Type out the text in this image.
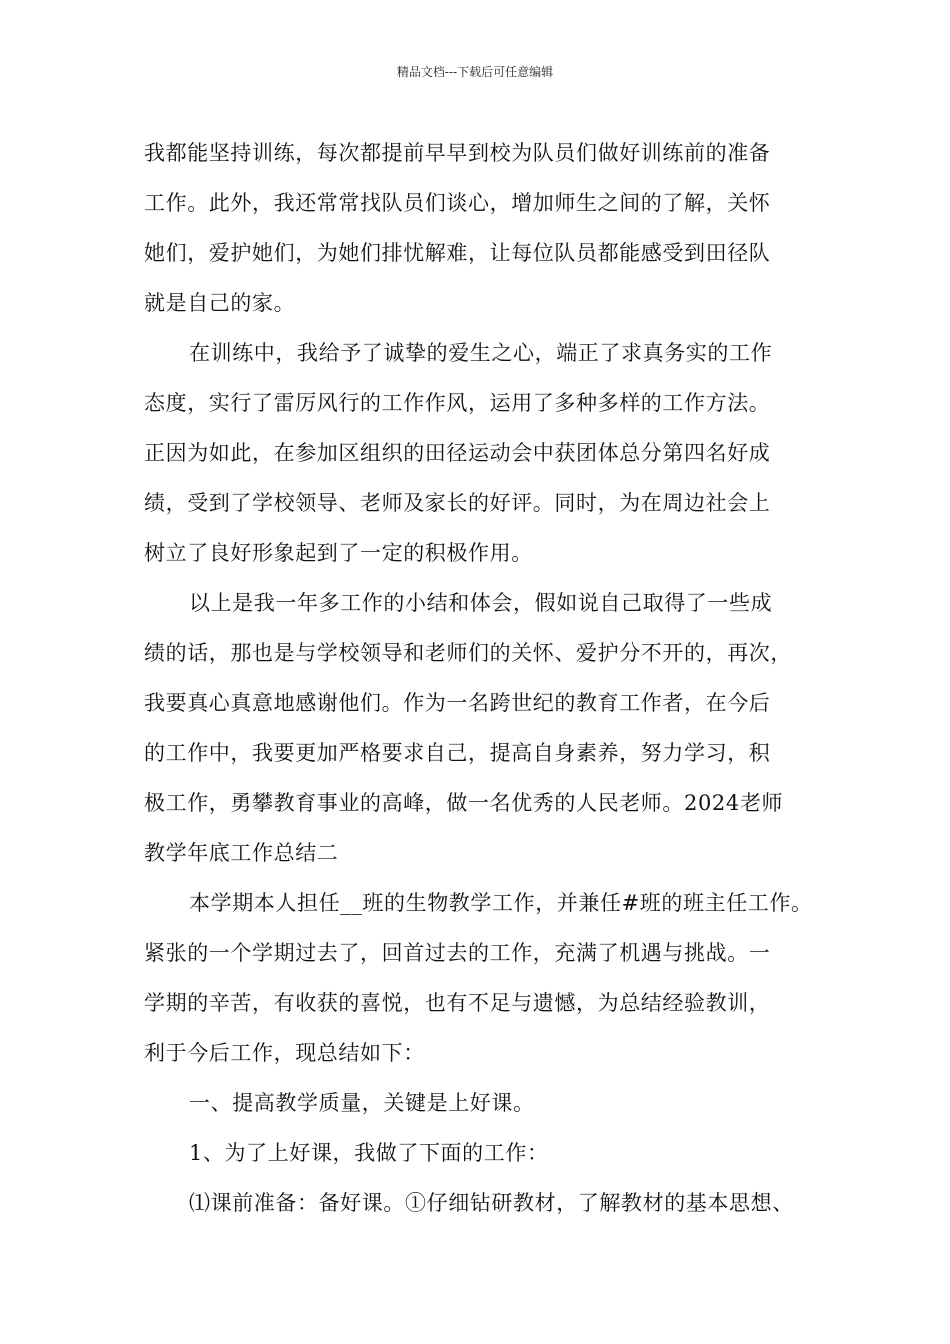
精品文档---下载后可任意编辑
我都能坚持训练，每次都提前早早到校为队员们做好训练前的准备
工作。此外，我还常常找队员们谈心，增加师生之间的了解，关怀
她们，爱护她们，为她们排忧解难，让每位队员都能感受到田径队
就是自己的家。
在训练中，我给予了诚挚的爱生之心，端正了求真务实的工作
态度，实行了雷厉风行的工作作风，运用了多种多样的工作方法。
正因为如此，在参加区组织的田径运动会中获团体总分第四名好成
绩，受到了学校领导、老师及家长的好评。同时，为在周边社会上
树立了良好形象起到了一定的积极作用。
以上是我一年多工作的小结和体会，假如说自己取得了一些成
绩的话，那也是与学校领导和老师们的关怀、爱护分不开的，再次，
我要真心真意地感谢他们。作为一名跨世纪的教育工作者，在今后
的工作中，我要更加严格要求自己，提高自身素养，努力学习，积
极工作，勇攀教育事业的高峰，做一名优秀的人民老师。2024老师
教学年底工作总结二
本学期本人担任__班的生物教学工作，并兼任#班的班主任工作。
紧张的一个学期过去了，回首过去的工作，充满了机遇与挑战。一
学期的辛苦，有收获的喜悦，也有不足与遗憾，为总结经验教训，
利于今后工作，现总结如下：
一、提高教学质量，关键是上好课。
1、为了上好课，我做了下面的工作：
⑴课前准备：备好课。①仔细钻研教材，了解教材的基本思想、
